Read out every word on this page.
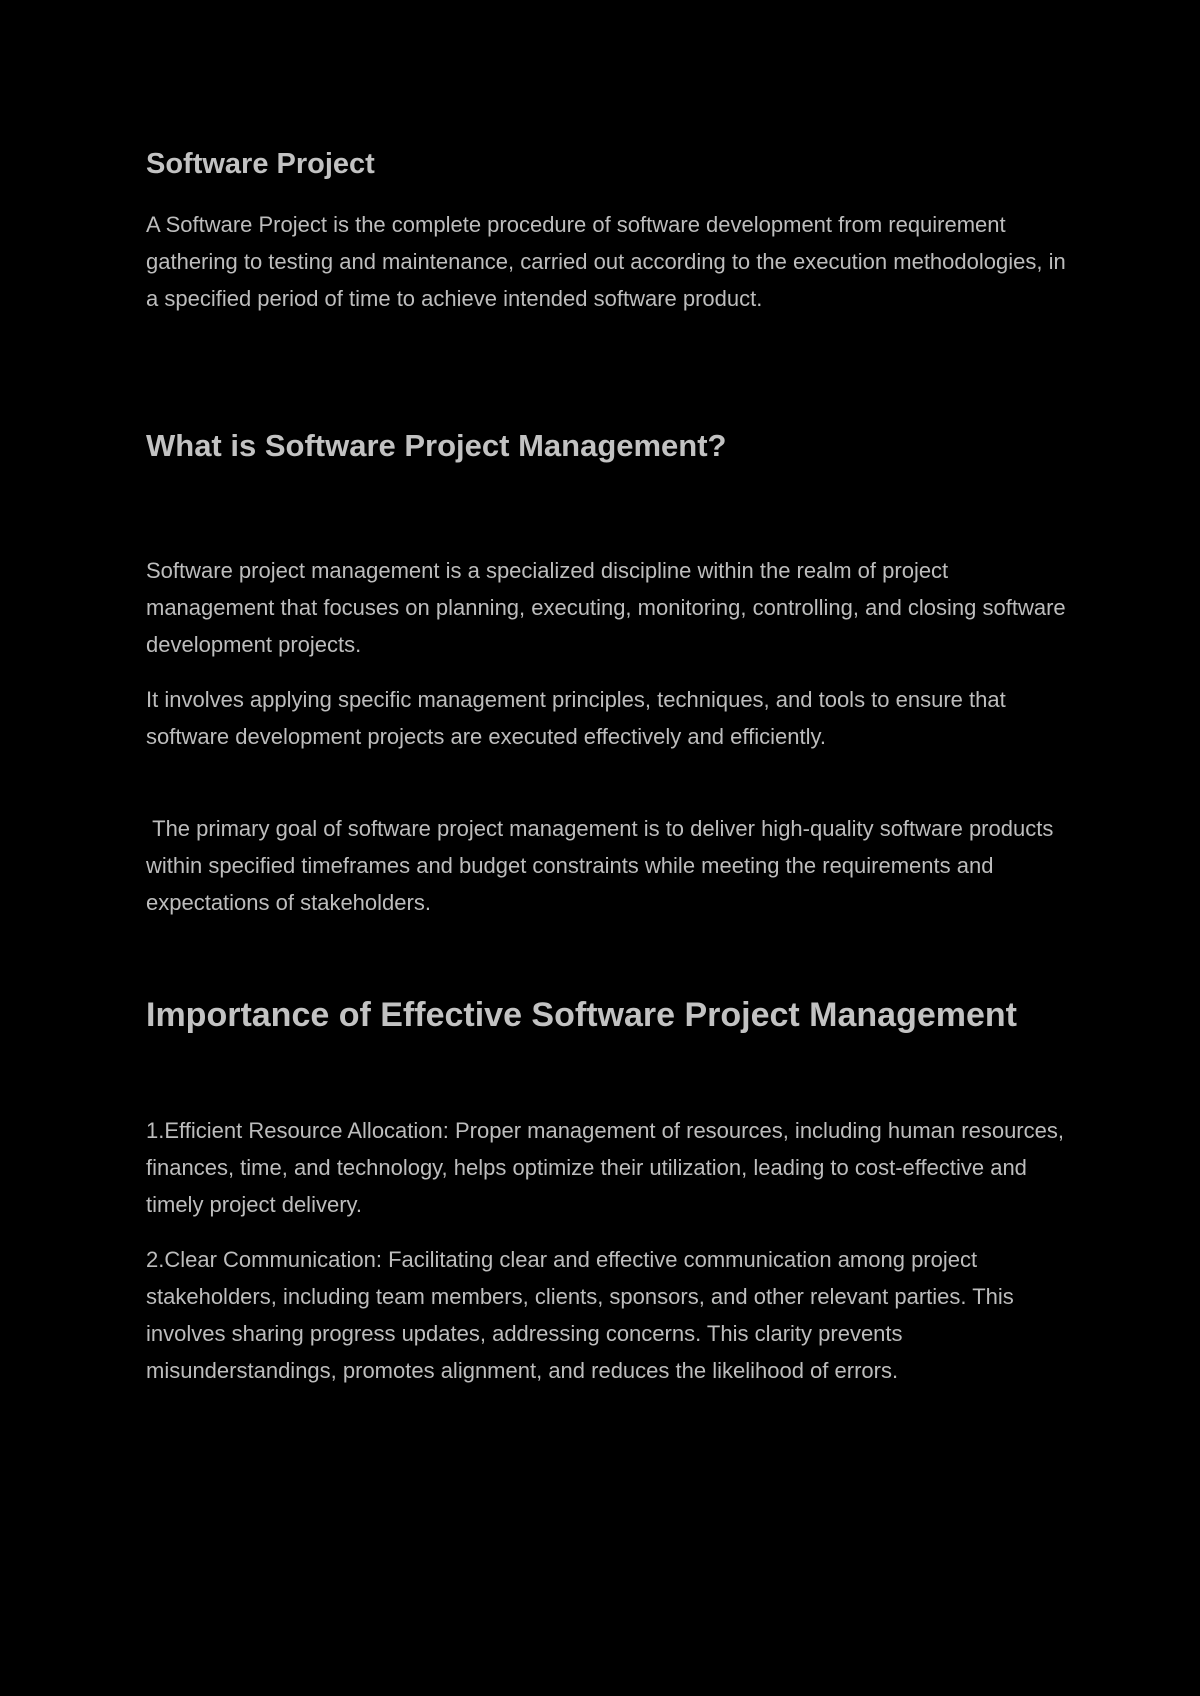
Software Project

A Software Project is the complete procedure of software development from requirement gathering to testing and maintenance, carried out according to the execution methodologies, in a specified period of time to achieve intended software product.

What is Software Project Management?

Software project management is a specialized discipline within the realm of project management that focuses on planning, executing, monitoring, controlling, and closing software development projects.

It involves applying specific management principles, techniques, and tools to ensure that software development projects are executed effectively and efficiently.

The primary goal of software project management is to deliver high-quality software products within specified timeframes and budget constraints while meeting the requirements and expectations of stakeholders.

Importance of Effective Software Project Management

1.Efficient Resource Allocation: Proper management of resources, including human resources, finances, time, and technology, helps optimize their utilization, leading to cost-effective and timely project delivery.

2.Clear Communication: Facilitating clear and effective communication among project stakeholders, including team members, clients, sponsors, and other relevant parties. This involves sharing progress updates, addressing concerns. This clarity prevents misunderstandings, promotes alignment, and reduces the likelihood of errors.
